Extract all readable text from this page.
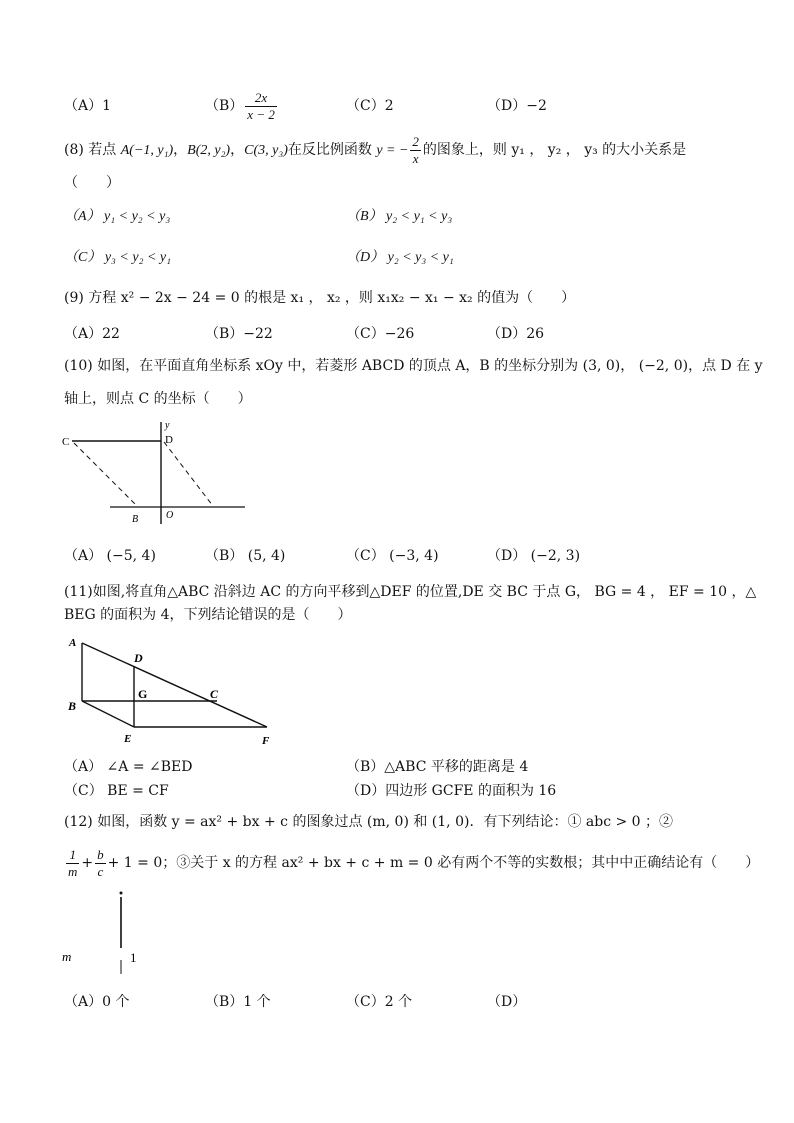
（A）1	$(B) \frac{2x}{x - 2}$	（C）2	（D）−2
(8) 若点 A(−1, y₁)，B(2, y₂)，C(3, y₃)在反比例函数 y = − $\frac{2}{x}$ 的图象上，则 y₁ ， y₂ ， y₃ 的大小关系是
（　　）
（A） y₁ < y₂ < y₃	（B） y₂ < y₁ < y₃
（C） y₃ < y₂ < y₁	（D） y₂ < y₃ < y₁
(9) 方程 x² − 2x − 24 = 0 的根是 x₁ ， x₂ ，则 x₁x₂ − x₁ − x₂ 的值为（　　）
（A）22	（B）−22	（C）−26	（D）26
(10) 如图，在平面直角坐标系 xOy 中，若菱形 ABCD 的顶点 A，B 的坐标分别为 (3, 0)， (−2, 0)，点 D 在 y
轴上，则点 C 的坐标（　　）
C	D
y
B	O
（A） (−5, 4)	（B） (5, 4)	（C） (−3, 4)	（D） (−2, 3)
(11)如图,将直角△ABC 沿斜边 AC 的方向平移到△DEF 的位置,DE 交 BC 于点 G， BG = 4 ， EF = 10 ，△
BEG 的面积为 4，下列结论错误的是（　　）
A
D
G	C
B
E	F
（A） ∠A = ∠BED	（B）△ABC 平移的距离是 4
（C） BE = CF	（D）四边形 GCFE 的面积为 16
(12) 如图，函数 y = ax² + bx + c 的图象过点 (m, 0) 和 (1, 0)．有下列结论：① abc > 0 ；②
$\frac{1}{m} + \frac{b}{c} + 1 = 0$；③关于 x 的方程 ax² + bx + c + m = 0 必有两个不等的实数根；其中中正确结论有（　　）
m	1
（A）0 个	（B）1 个	（C）2 个	（D）
